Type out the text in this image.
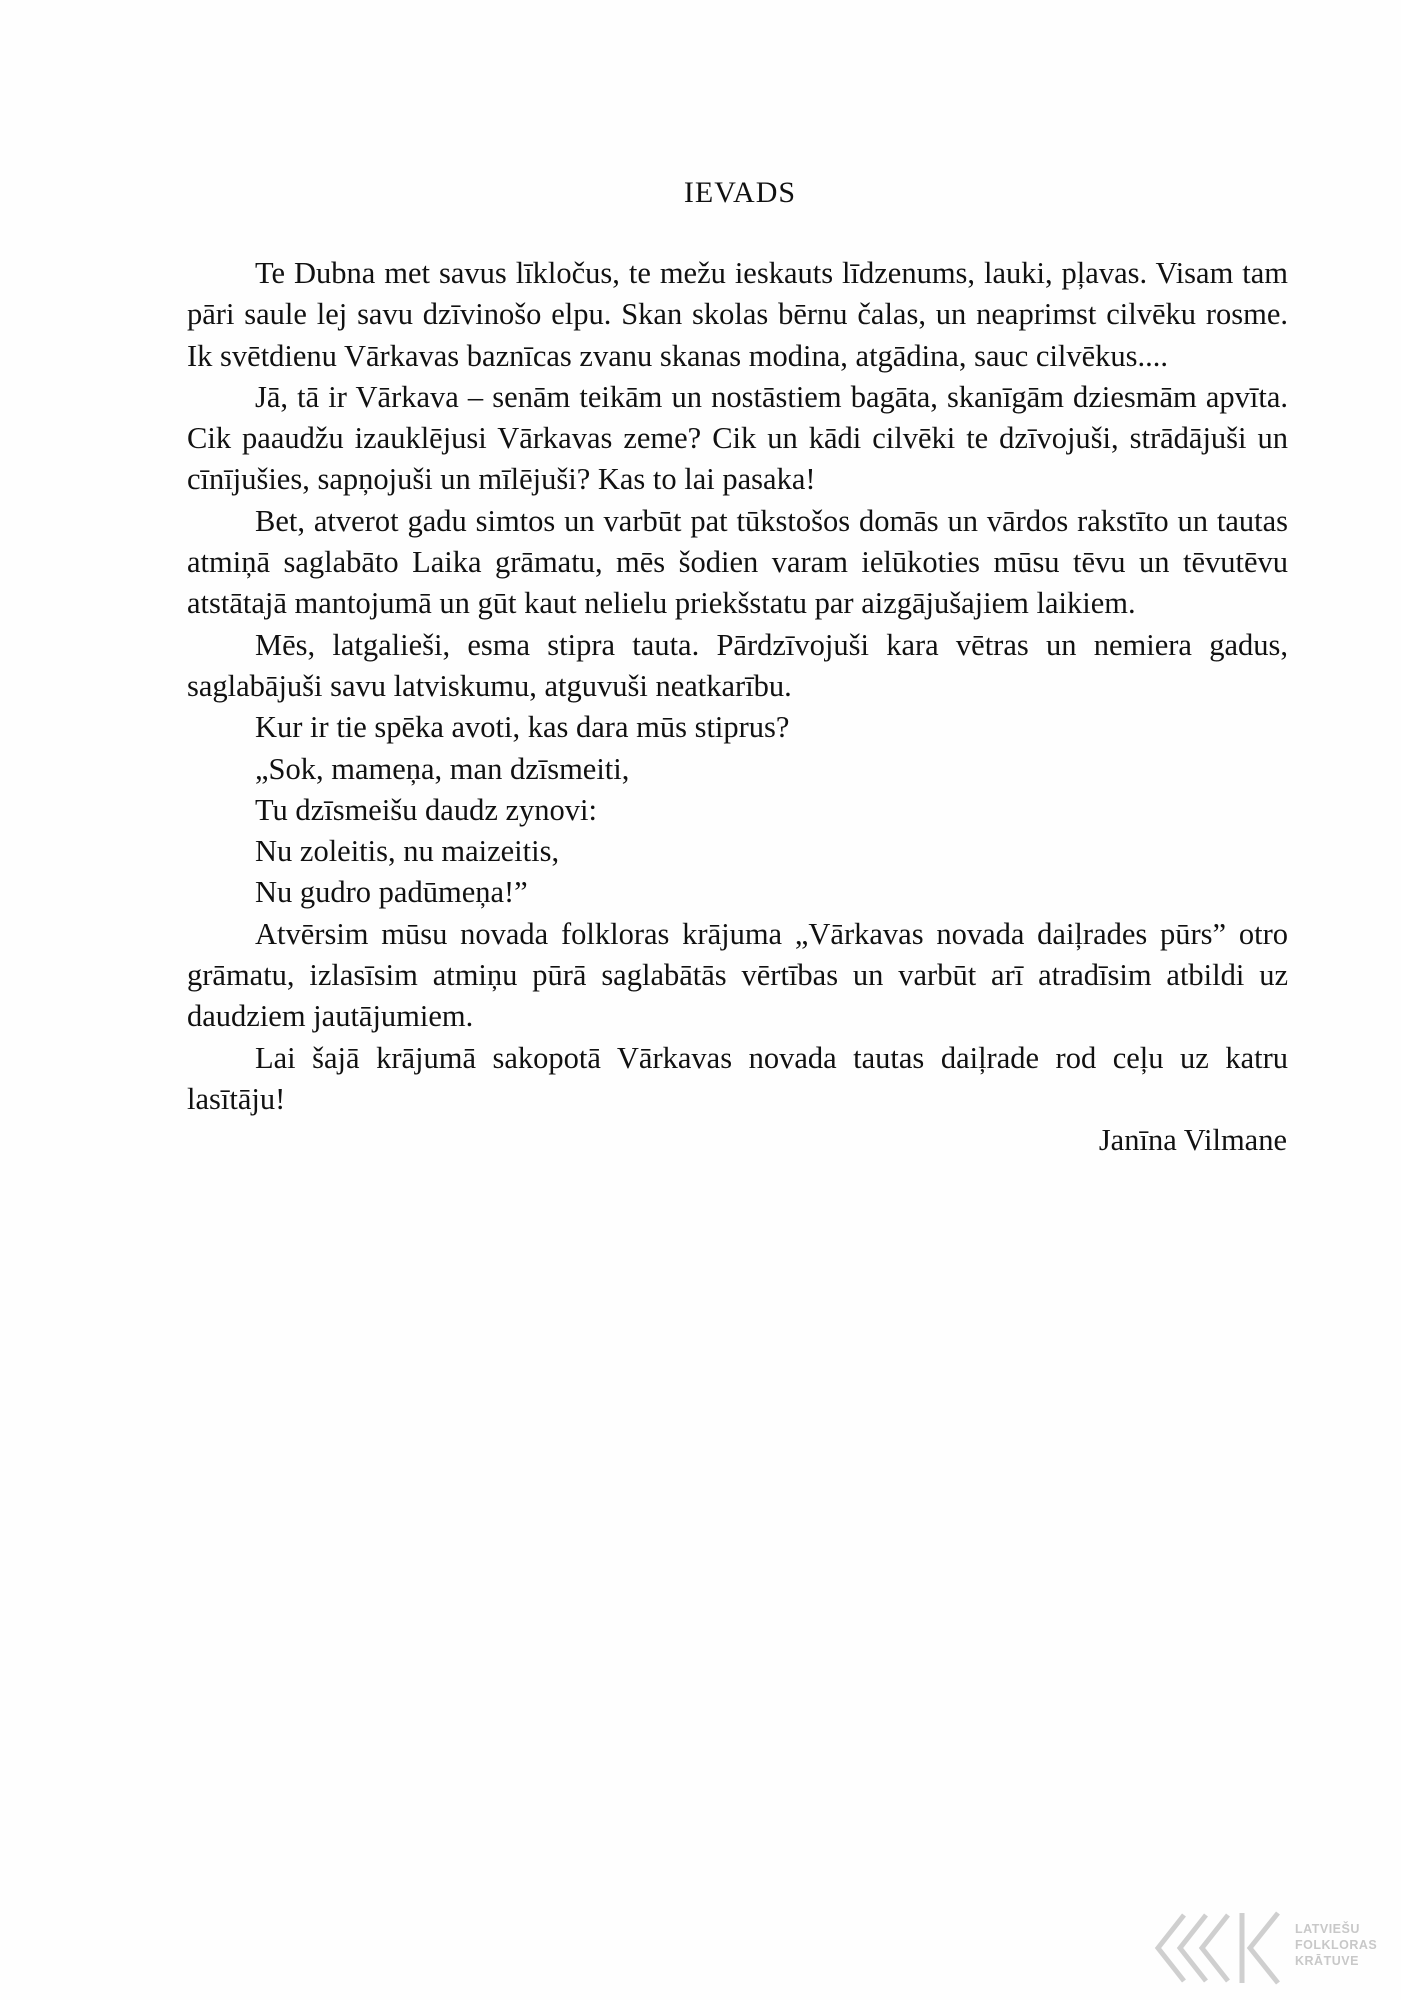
IEVADS

Te Dubna met savus līkločus, te mežu ieskauts līdzenums, lauki, pļavas. Visam tam pāri saule lej savu dzīvinošo elpu. Skan skolas bērnu čalas, un neaprimst cilvēku rosme. Ik svētdienu Vārkavas baznīcas zvanu skanas modina, atgādina, sauc cilvēkus....

Jā, tā ir Vārkava – senām teikām un nostāstiem bagāta, skanīgām dziesmām apvīta. Cik paaudžu izauklējusi Vārkavas zeme? Cik un kādi cilvēki te dzīvojuši, strādājuši un cīnījušies, sapņojuši un mīlējuši? Kas to lai pasaka!

Bet, atverot gadu simtos un varbūt pat tūkstošos domās un vārdos rakstīto un tautas atmiņā saglabāto Laika grāmatu, mēs šodien varam ielūkoties mūsu tēvu un tēvutēvu atstātajā mantojumā un gūt kaut nelielu priekšstatu par aizgājušajiem laikiem.

Mēs, latgalieši, esma stipra tauta. Pārdzīvojuši kara vētras un nemiera gadus, saglabājuši savu latviskumu, atguvuši neatkarību.

Kur ir tie spēka avoti, kas dara mūs stiprus?

„Sok, mameņa, man dzīsmeiti,

Tu dzīsmeišu daudz zynovi:

Nu zoleitis, nu maizeitis,

Nu gudro padūmeņa!”

Atvērsim mūsu novada folkloras krājuma „Vārkavas novada daiļrades pūrs” otro grāmatu, izlasīsim atmiņu pūrā saglabātās vērtības un varbūt arī atradīsim atbildi uz daudziem jautājumiem.

Lai šajā krājumā sakopotā Vārkavas novada tautas daiļrade rod ceļu uz katru lasītāju!

Janīna Vilmane

LATVIEŠU
FOLKLORAS
KRĀTUVE
